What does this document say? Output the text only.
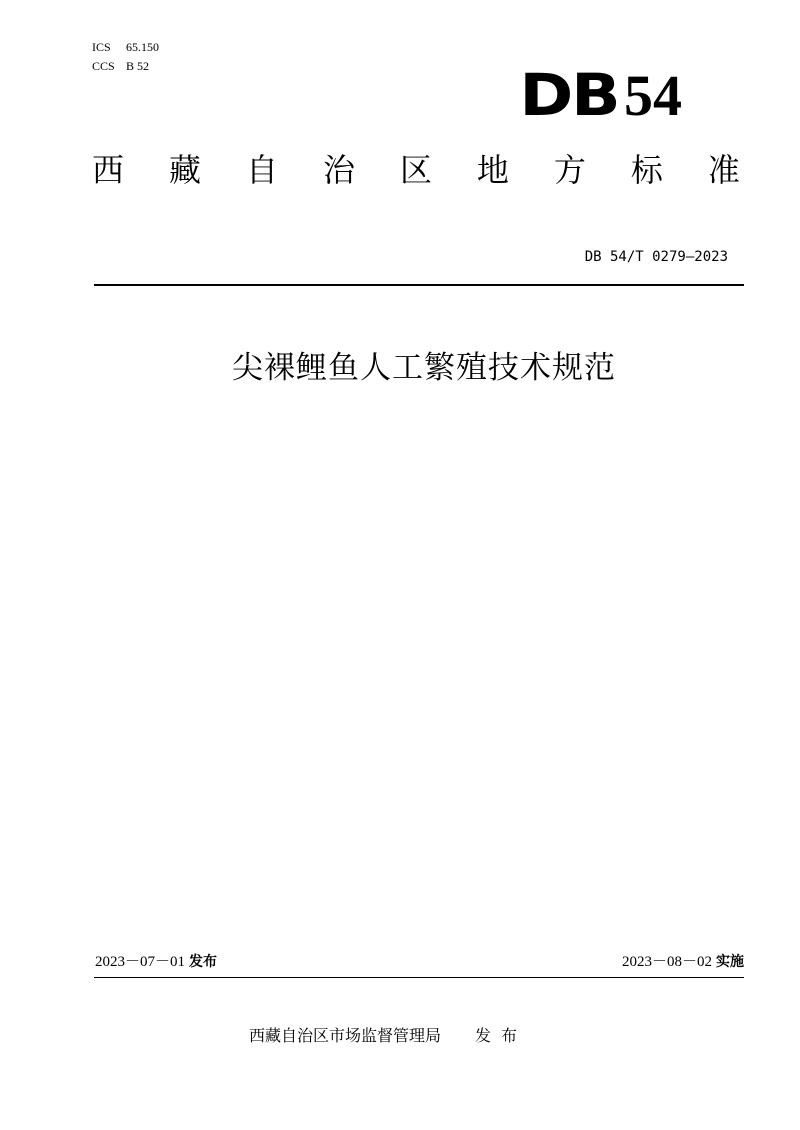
ICS 65.150
CCS B 52	DB 54
西 藏 自 治 区 地 方 标 准
DB 54/T 0279—2023
尖裸鲤鱼人工繁殖技术规范
2023－07－01 发布	2023－08－02 实施
西藏自治区市场监督管理局 发布
